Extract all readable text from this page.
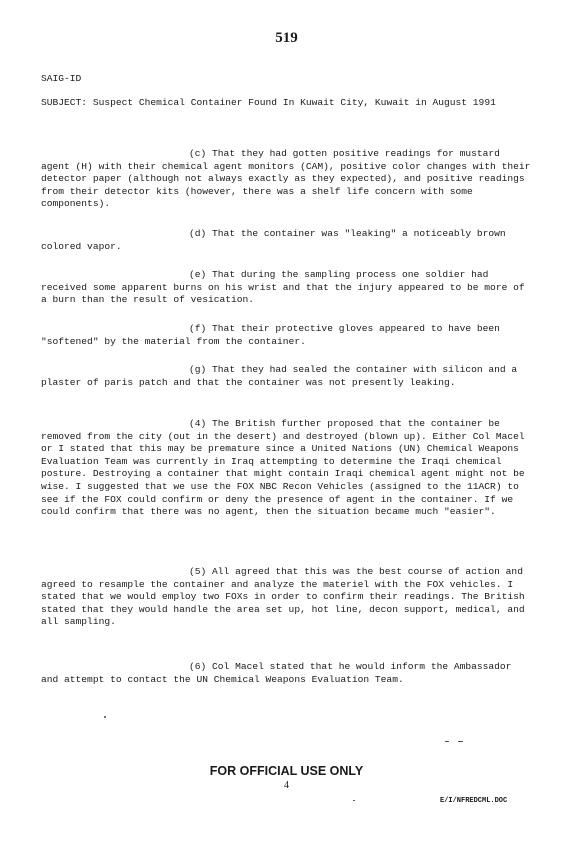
519
SAIG-ID
SUBJECT: Suspect Chemical Container Found In Kuwait City, Kuwait in August 1991

(c) That they had gotten positive readings for mustard agent (H) with their chemical agent monitors (CAM), positive color changes with their detector paper (although not always exactly as they expected), and positive readings from their detector kits (however, there was a shelf life concern with some components).

(d) That the container was "leaking" a noticeably brown colored vapor.

(e) That during the sampling process one soldier had received some apparent burns on his wrist and that the injury appeared to be more of a burn than the result of vesication.

(f) That their protective gloves appeared to have been "softened" by the material from the container.

(g) That they had sealed the container with silicon and a plaster of paris patch and that the container was not presently leaking.

(4) The British further proposed that the container be removed from the city (out in the desert) and destroyed (blown up). Either Col Macel or I stated that this may be premature since a United Nations (UN) Chemical Weapons Evaluation Team was currently in Iraq attempting to determine the Iraqi chemical posture. Destroying a container that might contain Iraqi chemical agent might not be wise. I suggested that we use the FOX NBC Recon Vehicles (assigned to the 11ACR) to see if the FOX could confirm or deny the presence of agent in the container. If we could confirm that there was no agent, then the situation became much "easier".

(5) All agreed that this was the best course of action and agreed to resample the container and analyze the materiel with the FOX vehicles. I stated that we would employ two FOXs in order to confirm their readings. The British stated that they would handle the area set up, hot line, decon support, medical, and all sampling.

(6) Col Macel stated that he would inform the Ambassador and attempt to contact the UN Chemical Weapons Evaluation Team.

FOR OFFICIAL USE ONLY
4
E/I/NFREDCML.DOC
